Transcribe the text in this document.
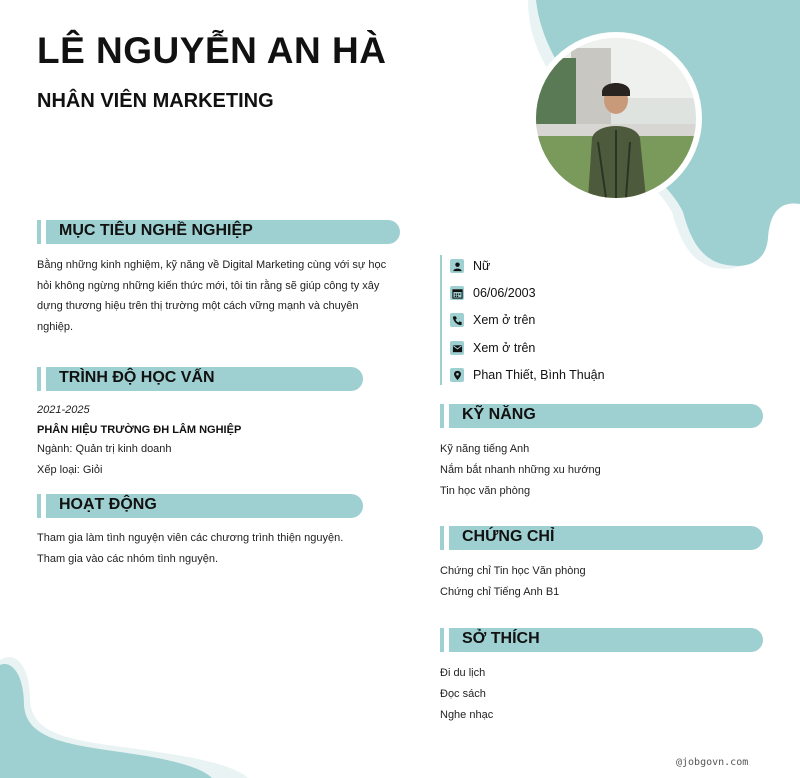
LÊ NGUYỄN AN HÀ
NHÂN VIÊN MARKETING
MỤC TIÊU NGHỀ NGHIỆP
Bằng những kinh nghiệm, kỹ năng về Digital Marketing cùng với sự học
hỏi không ngừng những kiến thức mới, tôi tin rằng sẽ giúp công ty xây
dựng thương hiệu trên thị trường một cách vững mạnh và chuyên
nghiệp.
TRÌNH ĐỘ HỌC VẤN
2021-2025
PHÂN HIỆU TRƯỜNG ĐH LÂM NGHIỆP
Ngành: Quản trị kinh doanh
Xếp loại: Giỏi
HOẠT ĐỘNG
Tham gia làm tình nguyện viên các chương trình thiện nguyện.
Tham gia vào các nhóm tình nguyện.
Nữ
06/06/2003
Xem ở trên
Xem ở trên
Phan Thiết, Bình Thuận
KỸ NĂNG
Kỹ năng tiếng Anh
Nắm bắt nhanh những xu hướng
Tin học văn phòng
CHỨNG CHỈ
Chứng chỉ Tin học Văn phòng
Chứng chỉ Tiếng Anh B1
SỞ THÍCH
Đi du lịch
Đọc sách
Nghe nhạc
@jobgovn.com
